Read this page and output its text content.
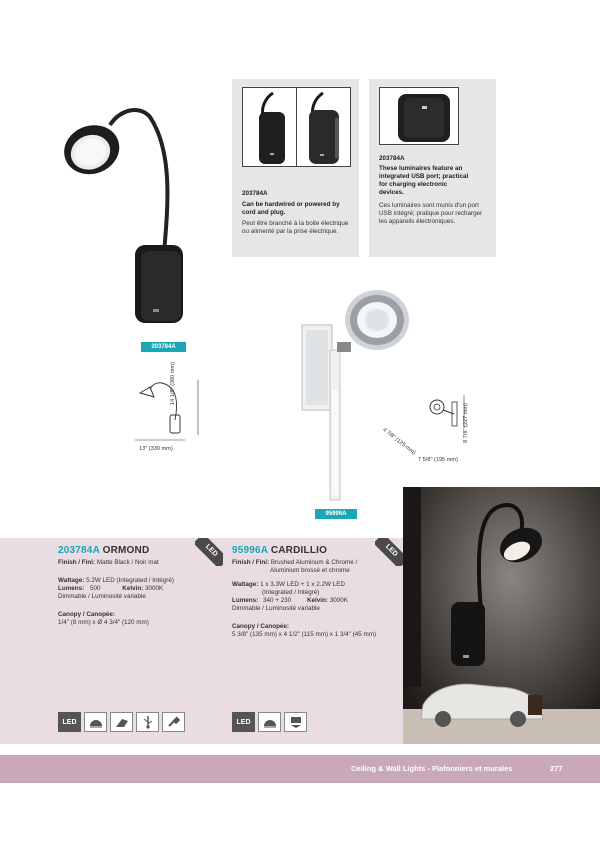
203784A
14 1/8" (360 mm)
13" (330 mm)
203784A
Can be hardwired or powered by cord and plug.
Peut être branché à la boite électrique ou alimenté par la prise électrique.
203784A
These luminaires feature an integrated USB port; practical for charging electronic devices.
Ces luminaires sont munis d'un port USB intégré; pratique pour recharger les appareils électroniques.
95996A
8 7/8" (227 mm)
4 7/8" (125 mm)
7 5/8" (195 mm)
LED	LED
203784A ORMOND
Finish / Fini: Matte Black / Noir mat
Wattage: 5.2W LED (Integrated / Intégré)
Lumens: 500	Kelvin: 3000K
Dimmable / Luminosité variable
Canopy / Canopée:
1/4" (8 mm) x Ø 4 3/4" (120 mm)
LED
95996A CARDILLIO
Finish / Fini: Brushed Aluminum & Chrome /
Aluminium brossé et chrome
Wattage: 1 x 3.3W LED + 1 x 2.2W LED
(Integrated / Intégré)
Lumens: 340 + 230	Kelvin: 3000K
Dimmable / Luminosité variable
Canopy / Canopée:
5 3/8" (135 mm) x 4 1/2" (115 mm) x 1 3/4" (45 mm)
LED
Ceiling & Wall Lights - Plafonniers et murales	277
